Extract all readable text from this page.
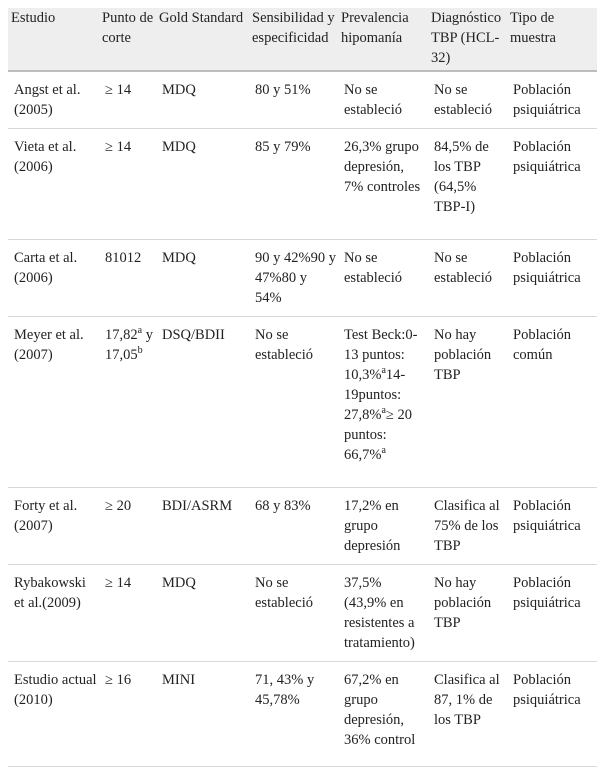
Estudio	Punto de corte	Gold Standard	Sensibilidad y especificidad	Prevalencia hipomanía	Diagnóstico TBP (HCL-32)	Tipo de muestra
Angst et al. (2005)	≥ 14	MDQ	80 y 51%	No se estableció	No se estableció	Población psiquiátrica
Vieta et al. (2006)	≥ 14	MDQ	85 y 79%	26,3% grupo depresión, 7% controles	84,5% de los TBP (64,5% TBP-I)	Población psiquiátrica
Carta et al. (2006)	81012	MDQ	90 y 42%90 y 47%80 y 54%	No se estableció	No se estableció	Población psiquiátrica
Meyer et al. (2007)	17,82$^a$ y 17,05$^b$	DSQ/BDII	No se estableció	Test Beck:0-13 puntos: 10,3%$^a$14-19puntos: 27,8%$^a$≥ 20 puntos: 66,7%$^a$	No hay población TBP	Población común
Forty et al. (2007)	≥ 20	BDI/ASRM	68 y 83%	17,2% en grupo depresión	Clasifica al 75% de los TBP	Población psiquiátrica
Rybakowski et al.(2009)	≥ 14	MDQ	No se estableció	37,5% (43,9% en resistentes a tratamiento)	No hay población TBP	Población psiquiátrica
Estudio actual (2010)	≥ 16	MINI	71, 43% y 45,78%	67,2% en grupo depresión, 36% control	Clasifica al 87, 1% de los TBP	Población psiquiátrica
